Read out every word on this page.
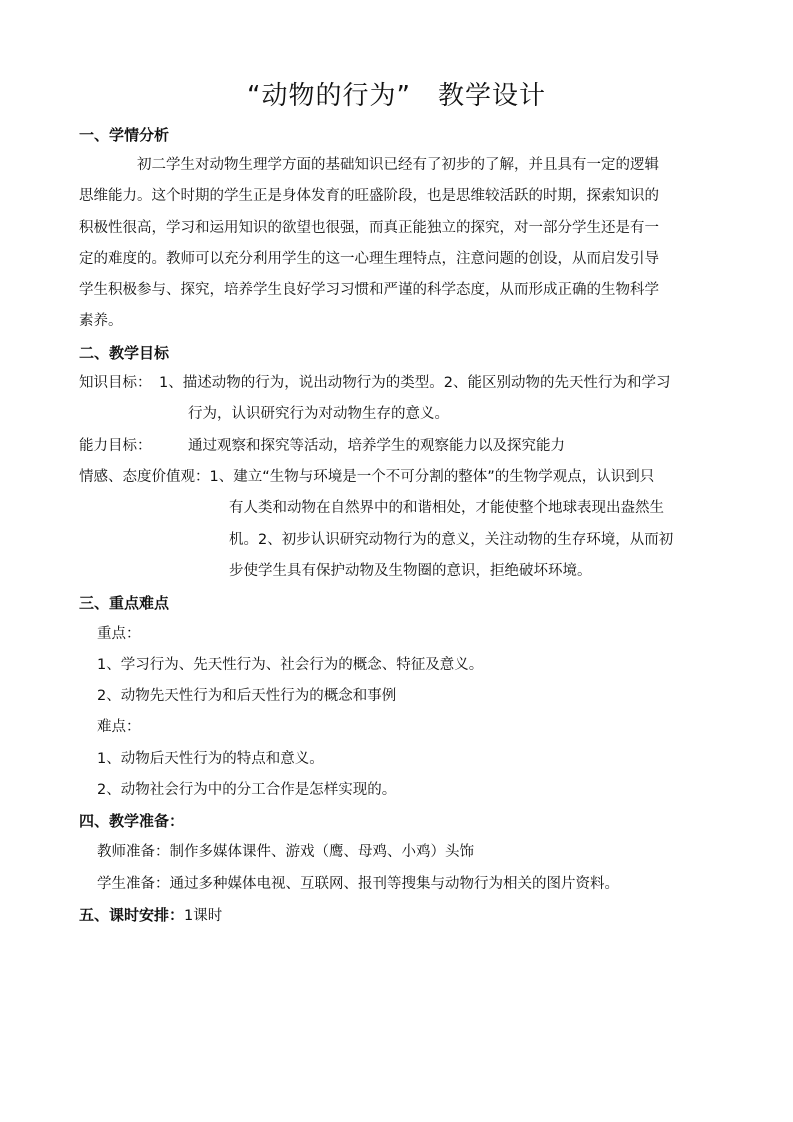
“动物的行为”　教学设计
一、学情分析
初二学生对动物生理学方面的基础知识已经有了初步的了解，并且具有一定的逻辑
思维能力。这个时期的学生正是身体发育的旺盛阶段，也是思维较活跃的时期，探索知识的
积极性很高，学习和运用知识的欲望也很强，而真正能独立的探究，对一部分学生还是有一
定的难度的。教师可以充分利用学生的这一心理生理特点，注意问题的创设，从而启发引导
学生积极参与、探究，培养学生良好学习习惯和严谨的科学态度，从而形成正确的生物科学
素养。
二、教学目标
知识目标： 1、描述动物的行为，说出动物行为的类型。2、能区别动物的先天性行为和学习
行为，认识研究行为对动物生存的意义。
能力目标：	通过观察和探究等活动，培养学生的观察能力以及探究能力
情感、态度价值观：1、建立“生物与环境是一个不可分割的整体”的生物学观点，认识到只
有人类和动物在自然界中的和谐相处，才能使整个地球表现出盎然生
机。2、初步认识研究动物行为的意义，关注动物的生存环境，从而初
步使学生具有保护动物及生物圈的意识，拒绝破坏环境。
三、重点难点
重点：
1、学习行为、先天性行为、社会行为的概念、特征及意义。
2、动物先天性行为和后天性行为的概念和事例
难点：
1、动物后天性行为的特点和意义。
2、动物社会行为中的分工合作是怎样实现的。
四、教学准备：
教师准备：制作多媒体课件、游戏（鹰、母鸡、小鸡）头饰
学生准备：通过多种媒体电视、互联网、报刊等搜集与动物行为相关的图片资料。
五、课时安排：1课时
